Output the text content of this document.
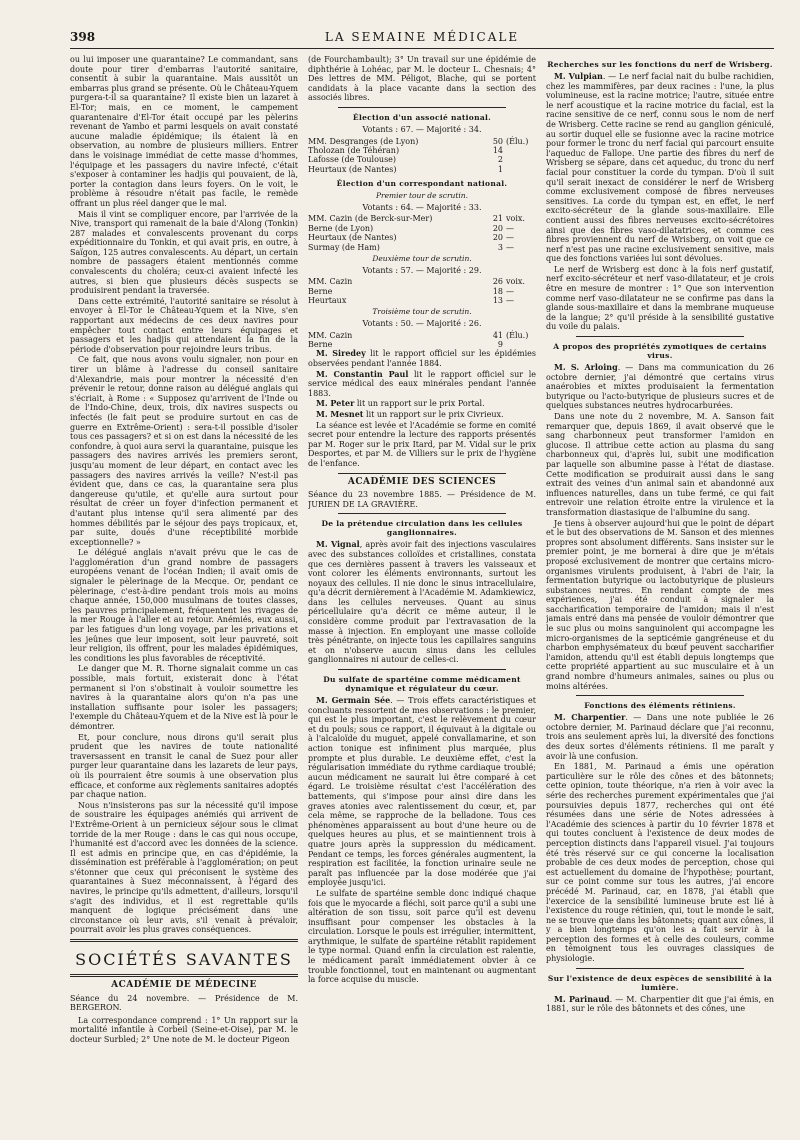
398	LA SEMAINE MÉDICALE

ou lui imposer une quarantaine? Le commandant, sans doute pour tirer d'embarras l'autorité sanitaire, consentit à subir la quarantaine. Mais aussitôt un embarras plus grand se présente. Où le Château-Yquem purgera-t-il sa quarantaine? Il existe bien un lazaret à El-Tor; mais, en ce moment, le campement quarantenaire d'El-Tor était occupé par les pèlerins revenant de Yambo et parmi lesquels on avait constaté aucune maladie épidémique; ils étaient là en observation, au nombre de plusieurs milliers. Entrer dans le voisinage immédiat de cette masse d'hommes, l'équipage et les passagers du navire infecté, c'était s'exposer à contaminer les hadjis qui pouvaient, de là, porter la contagion dans leurs foyers. On le voit, le problème à résoudre n'était pas facile, le remède offrant un plus réel danger que le mal.

Mais il vint se compliquer encore, par l'arrivée de la Nive, transport qui ramenait de la baie d'Along (Tonkin) 287 malades et convalescents provenant du corps expéditionnaire du Tonkin, et qui avait pris, en outre, à Saïgon, 125 autres convalescents. Au départ, un certain nombre de passagers étaient mentionnés comme convalescents du choléra; ceux-ci avaient infecté les autres, si bien que plusieurs décès suspects se produisirent pendant la traversée.

Dans cette extrémité, l'autorité sanitaire se résolut à envoyer à El-Tor le Château-Yquem et la Nive, s'en rapportant aux médecins de ces deux navires pour empêcher tout contact entre leurs équipages et passagers et les hadjis qui attendaient la fin de la période d'observation pour rejoindre leurs tribus.

Ce fait, que nous avons voulu signaler, non pour en tirer un blâme à l'adresse du conseil sanitaire d'Alexandrie, mais pour montrer la nécessité d'en prévenir le retour, donne raison au délégué anglais qui s'écriait, à Rome : « Supposez qu'arrivent de l'Inde ou de l'Indo-Chine, deux, trois, dix navires suspects ou infectés (le fait peut se produire surtout en cas de guerre en Extrême-Orient) : sera-t-il possible d'isoler tous ces passagers? et si on est dans la nécessité de les confondre, à quoi aura servi la quarantaine, puisque les passagers des navires arrivés les premiers seront, jusqu'au moment de leur départ, en contact avec les passagers des navires arrivés la veille? N'est-il pas évident que, dans ce cas, la quarantaine sera plus dangereuse qu'utile, et qu'elle aura surtout pour résultat de créer un foyer d'infection permanent et d'autant plus intense qu'il sera alimenté par des hommes débilités par le séjour des pays tropicaux, et, par suite, doués d'une réceptibilité morbide exceptionnelle? »

Le délégué anglais n'avait prévu que le cas de l'agglomération d'un grand nombre de passagers européens venant de l'océan Indien; il avait omis de signaler le pèlerinage de la Mecque. Or, pendant ce pèlerinage, c'est-à-dire pendant trois mois au moins chaque année, 150,000 musulmans de toutes classes, les pauvres principalement, fréquentent les rivages de la mer Rouge à l'aller et au retour. Anémiés, eux aussi, par les fatigues d'un long voyage, par les privations et les jeûnes que leur imposent, soit leur pauvreté, soit leur religion, ils offrent, pour les malades épidémiques, les conditions les plus favorables de réceptivité.

Le danger que M. R. Thorne signalait comme un cas possible, mais fortuit, existerait donc à l'état permanent si l'on s'obstinait à vouloir soumettre les navires à la quarantaine alors qu'on n'a pas une installation suffisante pour isoler les passagers; l'exemple du Château-Yquem et de la Nive est là pour le démontrer.

Et, pour conclure, nous dirons qu'il serait plus prudent que les navires de toute nationalité traversassent en transit le canal de Suez pour aller purger leur quarantaine dans les lazarets de leur pays, où ils pourraient être soumis à une observation plus efficace, et conforme aux règlements sanitaires adoptés par chaque nation.

Nous n'insisterons pas sur la nécessité qu'il impose de soustraire les équipages anémiés qui arrivent de l'Extrême-Orient à un pernicieux séjour sous le climat torride de la mer Rouge : dans le cas qui nous occupe, l'humanité est d'accord avec les données de la science. Il est admis en principe que, en cas d'épidémie, la dissémination est préférable à l'agglomération; on peut s'étonner que ceux qui préconisent le système des quarantaines à Suez méconnaissent, à l'égard des navires, le principe qu'ils admettent, d'ailleurs, lorsqu'il s'agit des individus, et il est regrettable qu'ils manquent de logique précisément dans une circonstance où leur avis, s'il venait à prévaloir, pourrait avoir les plus graves conséquences.

SOCIÉTÉS SAVANTES
ACADÉMIE DE MÉDECINE
Séance du 24 novembre. — Présidence de M. BERGERON.

La correspondance comprend : 1° Un rapport sur la mortalité infantile à Corbeil (Seine-et-Oise), par M. le docteur Surbled; 2° Une note de M. le docteur Pigeon

(de Fourchambault); 3° Un travail sur une épidémie de diphthérie à Lohéac, par M. le docteur L. Chesnais; 4° Des lettres de MM. Péligot, Blache, qui se portent candidats à la place vacante dans la section des associés libres.

Élection d'un associé national.
Votants : 67. — Majorité : 34.
MM. Desgranges (de Lyon)	50	(Élu.)
Tholozan (de Téhéran)	14	
Lafosse (de Toulouse)	2	
Heurtaux (de Nantes)	1	
Élection d'un correspondant national.
Premier tour de scrutin.
Votants : 64. — Majorité : 33.
MM. Cazin (de Berck-sur-Mer)	21	voix.
Berne (de Lyon)	20	—
Heurtaux (de Nantes)	20	—
Surmay (de Ham)	3	—
Deuxième tour de scrutin.
Votants : 57. — Majorité : 29.
MM. Cazin	26	voix.
Berne	18	—
Heurtaux	13	—
Troisième tour de scrutin.
Votants : 50. — Majorité : 26.
MM. Cazin	41	(Élu.)
Berne	9	

M. Siredey lit le rapport officiel sur les épidémies observées pendant l'année 1884.

M. Constantin Paul lit le rapport officiel sur le service médical des eaux minérales pendant l'année 1883.

M. Peter lit un rapport sur le prix Portal.

M. Mesnet lit un rapport sur le prix Civrieux.

La séance est levée et l'Académie se forme en comité secret pour entendre la lecture des rapports présentés par M. Roger sur le prix Itard, par M. Vidal sur le prix Desportes, et par M. de Villiers sur le prix de l'hygiène de l'enfance.

ACADÉMIE DES SCIENCES
Séance du 23 novembre 1885. — Présidence de M. JURIEN DE LA GRAVIÈRE.
De la prétendue circulation dans les cellules ganglionnaires.

M. Vignal, après avoir fait des injections vasculaires avec des substances colloïdes et cristallines, constata que ces dernières passent à travers les vaisseaux et vont colorer les éléments environnants, surtout les noyaux des cellules. Il nie donc le sinus intracellulaire, qu'a décrit dernièrement à l'Académie M. Adamkiewicz, dans les cellules nerveuses. Quant au sinus péricellulaire qu'a décrit ce même auteur, il le considère comme produit par l'extravasation de la masse à injection. En employant une masse colloïde très pénétrante, on injecte tous les capillaires sanguins et on n'observe aucun sinus dans les cellules ganglionnaires ni autour de celles-ci.

Du sulfate de spartéine comme médicament dynamique et régulateur du cœur.

M. Germain Sée. — Trois effets caractéristiques et concluants ressortent de mes observations : le premier, qui est le plus important, c'est le relèvement du cœur et du pouls; sous ce rapport, il équivaut à la digitale ou à l'alcaloïde du muguet, appelé convallamarine, et son action tonique est infiniment plus marquée, plus prompte et plus durable. Le deuxième effet, c'est la régularisation immédiate du rythme cardiaque troublé; aucun médicament ne saurait lui être comparé à cet égard. Le troisième résultat c'est l'accélération des battements, qui s'impose pour ainsi dire dans les graves atonies avec ralentissement du cœur, et, par cela même, se rapproche de la belladone. Tous ces phénomènes apparaissent au bout d'une heure ou de quelques heures au plus, et se maintiennent trois à quatre jours après la suppression du médicament. Pendant ce temps, les forces générales augmentent, la respiration est facilitée, la fonction urinaire seule ne paraît pas influencée par la dose modérée que j'ai employée jusqu'ici.

Le sulfate de spartéine semble donc indiqué chaque fois que le myocarde a fléchi, soit parce qu'il a subi une altération de son tissu, soit parce qu'il est devenu insuffisant pour compenser les obstacles à la circulation. Lorsque le pouls est irrégulier, intermittent, arythmique, le sulfate de spartéine rétablit rapidement le type normal. Quand enfin la circulation est ralentie, le médicament paraît immédiatement obvier à ce trouble fonctionnel, tout en maintenant ou augmentant la force acquise du muscle.

Recherches sur les fonctions du nerf de Wrisberg.

M. Vulpian. — Le nerf facial nait du bulbe rachidien, chez les mammifères, par deux racines : l'une, la plus volumineuse, est la racine motrice; l'autre, située entre le nerf acoustique et la racine motrice du facial, est la racine sensitive de ce nerf, connu sous le nom de nerf de Wrisberg. Cette racine se rend au ganglion géniculé, au sortir duquel elle se fusionne avec la racine motrice pour former le tronc du nerf facial qui parcourt ensuite l'aqueduc de Fallope. Une partie des fibres du nerf de Wrisberg se sépare, dans cet aqueduc, du tronc du nerf facial pour constituer la corde du tympan. D'où il suit qu'il serait inexact de considérer le nerf de Wrisberg comme exclusivement composé de fibres nerveuses sensitives. La corde du tympan est, en effet, le nerf excito-sécréteur de la glande sous-maxillaire. Elle contient aussi des fibres nerveuses excito-sécrétoires ainsi que des fibres vaso-dilatatrices, et comme ces fibres proviennent du nerf de Wrisberg, on voit que ce nerf n'est pas une racine exclusivement sensitive, mais que des fonctions variées lui sont dévolues.

Le nerf de Wrisberg est donc à la fois nerf gustatif, nerf excito-sécréteur et nerf vaso-dilatateur, et je crois être en mesure de montrer : 1° Que son intervention comme nerf vaso-dilatateur ne se confirme pas dans la glande sous-maxillaire et dans la membrane muqueuse de la langue; 2° qu'il préside à la sensibilité gustative du voile du palais.

A propos des propriétés zymotiques de certains virus.

M. S. Arloing. — Dans ma communication du 26 octobre dernier, j'ai démontré que certains virus anaérobies et mixtes produisaient la fermentation butyrique ou l'acto-butyrique de plusieurs sucres et de quelques substances neutres hydrocarburées.

Dans une note du 2 novembre, M. A. Sanson fait remarquer que, depuis 1869, il avait observé que le sang charbonneux peut transformer l'amidon en glucose. Il attribue cette action au plasma du sang charbonneux qui, d'après lui, subit une modification par laquelle son albumine passe à l'état de diastase. Cette modification se produirait aussi dans le sang extrait des veines d'un animal sain et abandonné aux influences naturelles, dans un tube fermé, ce qui fait entrevoir une relation étroite entre la virulence et la transformation diastasique de l'albumine du sang.

Je tiens à observer aujourd'hui que le point de départ et le but des observations de M. Sanson et des miennes propres sont absolument différents. Sans insister sur le premier point, je me bornerai à dire que je m'étais proposé exclusivement de montrer que certains micro-organismes virulents produisent, à l'abri de l'air, la fermentation butyrique ou lactobutyrique de plusieurs substances neutres. En rendant compte de mes expériences, j'ai été conduit à signaler la saccharification temporaire de l'amidon; mais il n'est jamais entré dans ma pensée de vouloir démontrer que le suc plus ou moins sanguinolent qui accompagne les micro-organismes de la septicémie gangréneuse et du charbon emphysémateux du bœuf peuvent saccharifier l'amidon, attendu qu'il est établi depuis longtemps que cette propriété appartient au suc musculaire et à un grand nombre d'humeurs animales, saines ou plus ou moins altérées.

Fonctions des éléments rétiniens.

M. Charpentier. — Dans une note publiée le 26 octobre dernier, M. Parinaud déclare que j'ai reconnu, trois ans seulement après lui, la diversité des fonctions des deux sortes d'éléments rétiniens. Il me paraît y avoir là une confusion.

En 1881, M. Parinaud a émis une opération particulière sur le rôle des cônes et des bâtonnets; cette opinion, toute théorique, n'a rien à voir avec la série des recherches purement expérimentales que j'ai poursuivies depuis 1877, recherches qui ont été résumées dans une série de Notes adressées à l'Académie des sciences à partir du 10 février 1878 et qui toutes concluent à l'existence de deux modes de perception distincts dans l'appareil visuel. J'ai toujours été très réservé sur ce qui concerne la localisation probable de ces deux modes de perception, chose qui est actuellement du domaine de l'hypothèse; pourtant, sur ce point comme sur tous les autres, j'ai encore précédé M. Parinaud, car, en 1878, j'ai établi que l'exercice de la sensibilité lumineuse brute est lié à l'existence du rouge rétinien, qui, tout le monde le sait, ne se trouve que dans les bâtonnets; quant aux cônes, il y a bien longtemps qu'on les a fait servir à la perception des formes et à celle des couleurs, comme en témoignent tous les ouvrages classiques de physiologie.

Sur l'existence de deux espèces de sensibilité à la lumière.

M. Parinaud. — M. Charpentier dit que j'ai émis, en 1881, sur le rôle des bâtonnets et des cônes, une
